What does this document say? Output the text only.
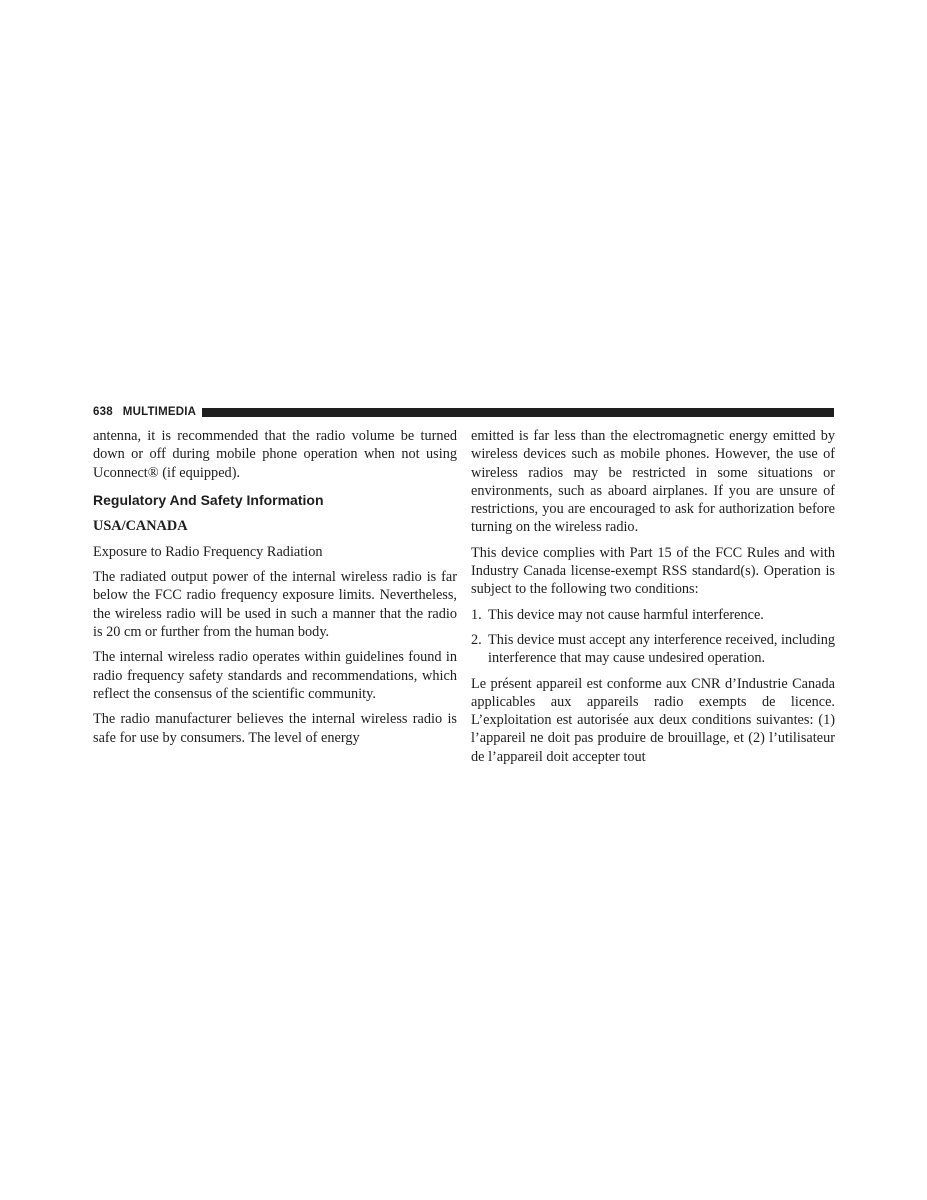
638 MULTIMEDIA

antenna, it is recommended that the radio volume be turned down or off during mobile phone operation when not using Uconnect® (if equipped).

Regulatory And Safety Information
USA/CANADA

Exposure to Radio Frequency Radiation

The radiated output power of the internal wireless radio is far below the FCC radio frequency exposure limits. Nevertheless, the wireless radio will be used in such a manner that the radio is 20 cm or further from the human body.

The internal wireless radio operates within guidelines found in radio frequency safety standards and recommendations, which reflect the consensus of the scientific community.

The radio manufacturer believes the internal wireless radio is safe for use by consumers. The level of energy

emitted is far less than the electromagnetic energy emitted by wireless devices such as mobile phones. However, the use of wireless radios may be restricted in some situations or environments, such as aboard airplanes. If you are unsure of restrictions, you are encouraged to ask for authorization before turning on the wireless radio.

This device complies with Part 15 of the FCC Rules and with Industry Canada license-exempt RSS standard(s). Operation is subject to the following two conditions:

1. This device may not cause harmful interference.
2. This device must accept any interference received, including interference that may cause undesired operation.

Le présent appareil est conforme aux CNR d’Industrie Canada applicables aux appareils radio exempts de licence. L’exploitation est autorisée aux deux conditions suivantes: (1) l’appareil ne doit pas produire de brouillage, et (2) l’utilisateur de l’appareil doit accepter tout
